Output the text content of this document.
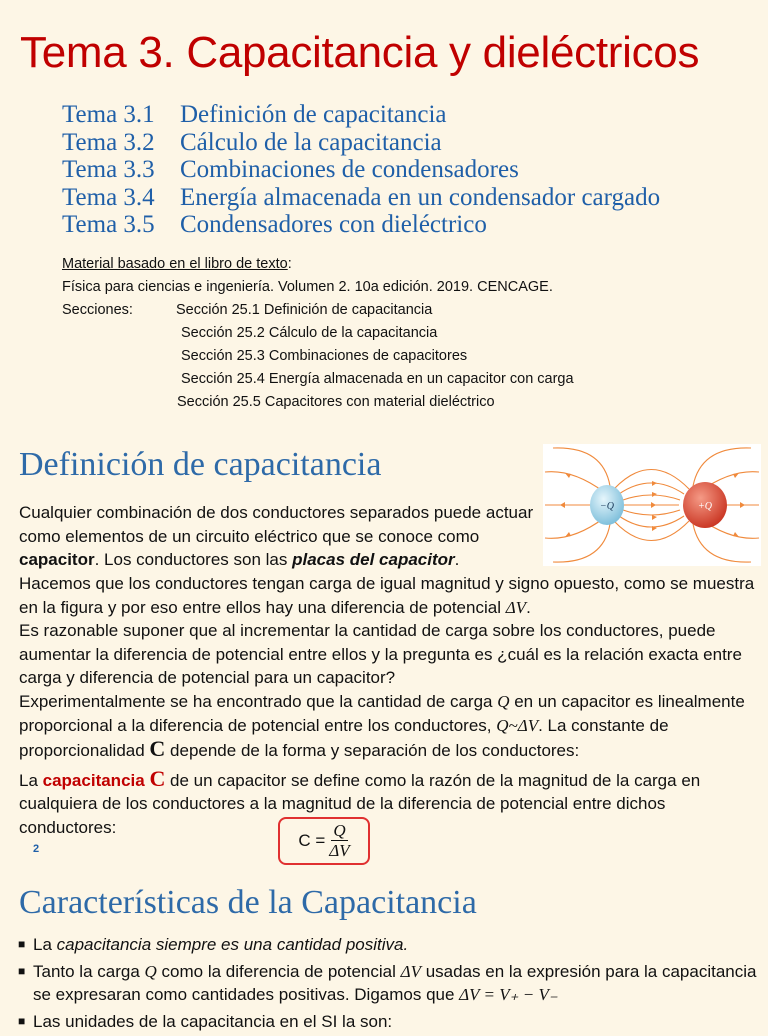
Tema 3. Capacitancia y dieléctricos
Tema 3.1 Definición de capacitancia
Tema 3.2 Cálculo de la capacitancia
Tema 3.3 Combinaciones de condensadores
Tema 3.4 Energía almacenada en un condensador cargado
Tema 3.5 Condensadores con dieléctrico
Material basado en el libro de texto:
Física para ciencias e ingeniería. Volumen 2. 10a edición. 2019. CENCAGE.
Secciones:	Sección 25.1 Definición de capacitancia
Sección 25.2 Cálculo de la capacitancia
Sección 25.3 Combinaciones de capacitores
Sección 25.4 Energía almacenada en un capacitor con carga
Sección 25.5 Capacitores con material dieléctrico
Definición de capacitancia
−Q	+Q

Cualquier combinación de dos conductores separados puede actuar como elementos de un circuito eléctrico que se conoce como capacitor. Los conductores son las placas del capacitor.

Hacemos que los conductores tengan carga de igual magnitud y signo opuesto, como se muestra en la figura y por eso entre ellos hay una diferencia de potencial ΔV.

Es razonable suponer que al incrementar la cantidad de carga sobre los conductores, puede aumentar la diferencia de potencial entre ellos y la pregunta es ¿cuál es la relación exacta entre carga y diferencia de potencial para un capacitor?

Experimentalmente se ha encontrado que la cantidad de carga Q en un capacitor es linealmente proporcional a la diferencia de potencial entre los conductores, Q~ΔV. La constante de proporcionalidad C depende de la forma y separación de los conductores:

La capacitancia C de un capacitor se define como la razón de la magnitud de la carga en cualquiera de los conductores a la magnitud de la diferencia de potencial entre dichos conductores:

$C = \frac{Q}{\Delta V}$
2
Características de la Capacitancia
■ La capacitancia siempre es una cantidad positiva.
■ Tanto la carga Q como la diferencia de potencial ΔV usadas en la expresión para la capacitancia se expresaran como cantidades positivas. Digamos que ΔV = V₊ − V₋
■ Las unidades de la capacitancia en el SI la son:
